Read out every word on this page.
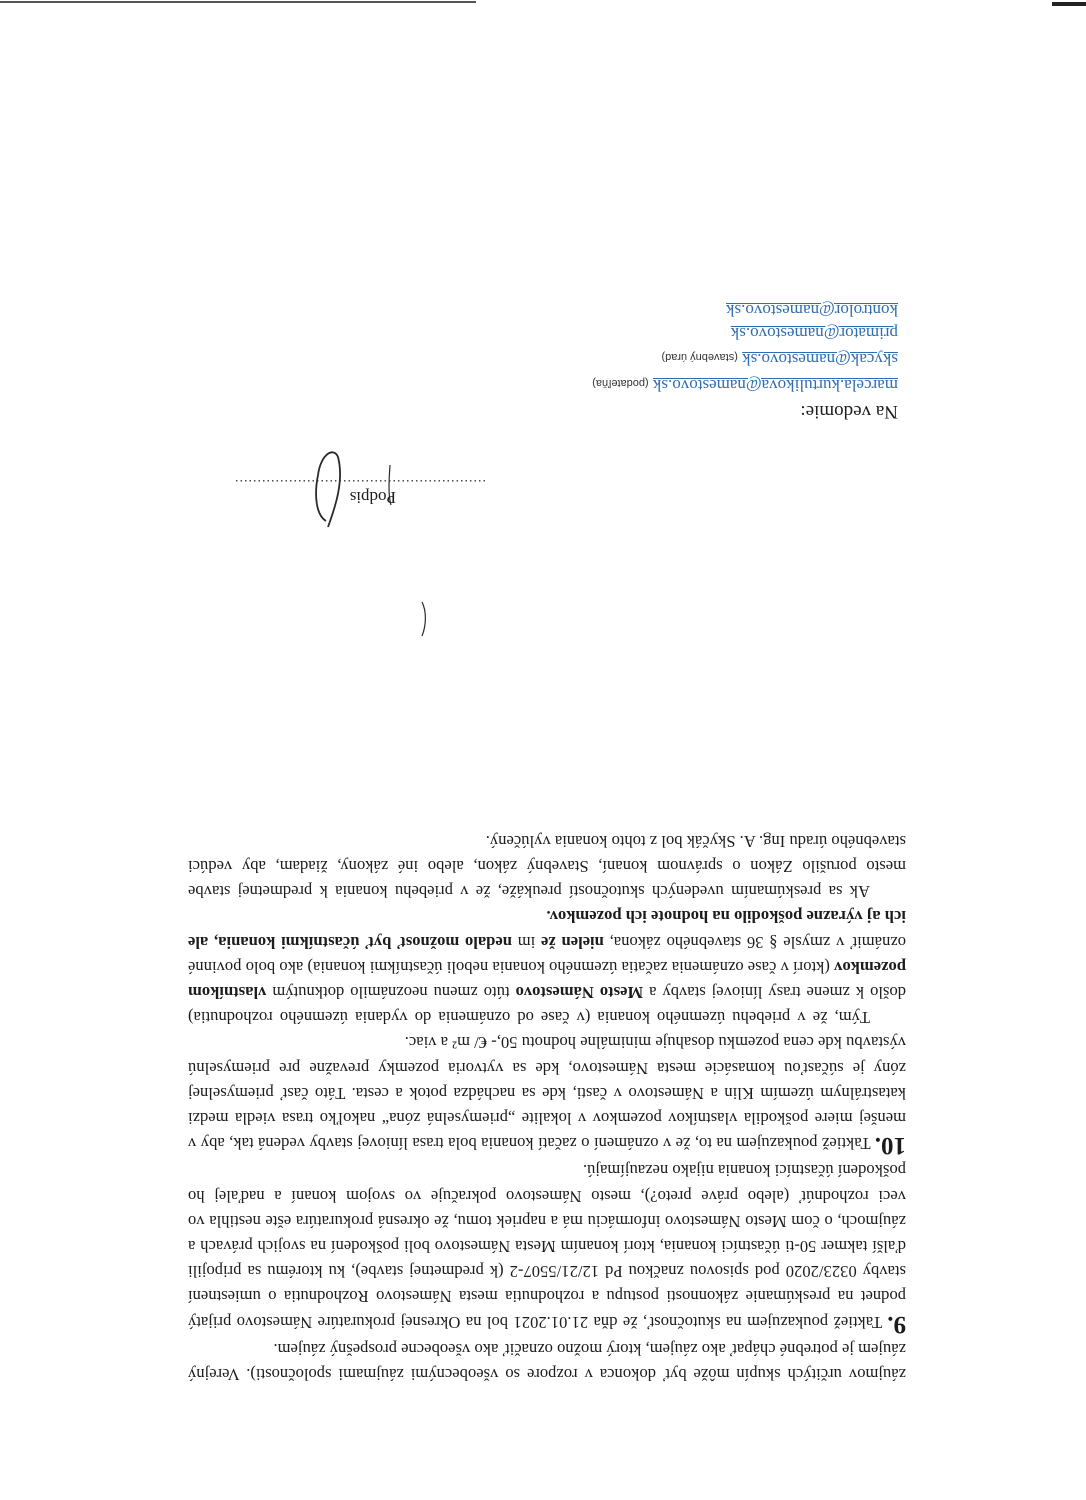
záujmov určitých skupín môže byť dokonca v rozpore so všeobecnými záujmami spoločnosti). Verejný záujem je potrebné chápať ako záujem, ktorý možno označiť ako všeobecne prospešný záujem.

9. Taktiež poukazujem na skutočnosť, že dňa 21.01.2021 bol na Okresnej prokuratúre Námestovo prijatý podnet na preskúmanie zákonnosti postupu a rozhodnutia mesta Námestovo Rozhodnutia o umiestnení stavby 0323/2020 pod spisovou značkou Pd 12/21/5507-2 (k predmetnej stavbe), ku ktorému sa pripojili ďalší takmer 50-ti účastníci konania, ktorí konaním Mesta Námestovo boli poškodení na svojich právach a záujmoch, o čom Mesto Námestovo informáciu má a napriek tomu, že okresná prokuratúra ešte nestihla vo veci rozhodnúť (alebo práve preto?), mesto Námestovo pokračuje vo svojom konaní a naďalej ho poškodení účastníci konania nijako nezaujímajú.

10. Taktiež poukazujem na to, že v oznámení o začatí konania bola trasa líniovej stavby vedená tak, aby v menšej miere poškodila vlastníkov pozemkov v lokalite „priemyselná zóna“ nakoľko trasa viedla medzi katastrálnym územím Klin a Námestovo v časti, kde sa nachádza potok a cesta. Táto časť priemyselnej zóny je súčasťou komasácie mesta Námestovo, kde sa vytvoria pozemky prevažne pre priemyselnú výstavbu kde cena pozemku dosahuje minimálne hodnotu 50,- €/ m² a viac.

Tým, že v priebehu územného konania (v čase od oznámenia do vydania územného rozhodnutia) došlo k zmene trasy líniovej stavby a Mesto Námestovo túto zmenu neoznámilo dotknutým vlastníkom pozemkov (ktorí v čase oznámenia začatia územného konania neboli účastníkmi konania) ako bolo povinné oznámiť v zmysle § 36 stavebného zákona, nielen že im nedalo možnosť byť účastníkmi konania, ale ich aj výrazne poškodilo na hodnote ich pozemkov.

Ak sa preskúmaním uvedených skutočností preukáže, že v priebehu konania k predmetnej stavbe mesto porušilo Zákon o správnom konaní, Stavebný zákon, alebo iné zákony, žiadam, aby vedúci stavebného úradu Ing. A. Skyčák bol z tohto konania vylúčený.

Podpis
........................................................
Na vedomie:
marcela.kurtulikova@namestovo.sk (podateľňa)
skycak@namestovo.sk (stavebný úrad)
primator@namestovo.sk
kontrolor@namestovo.sk
